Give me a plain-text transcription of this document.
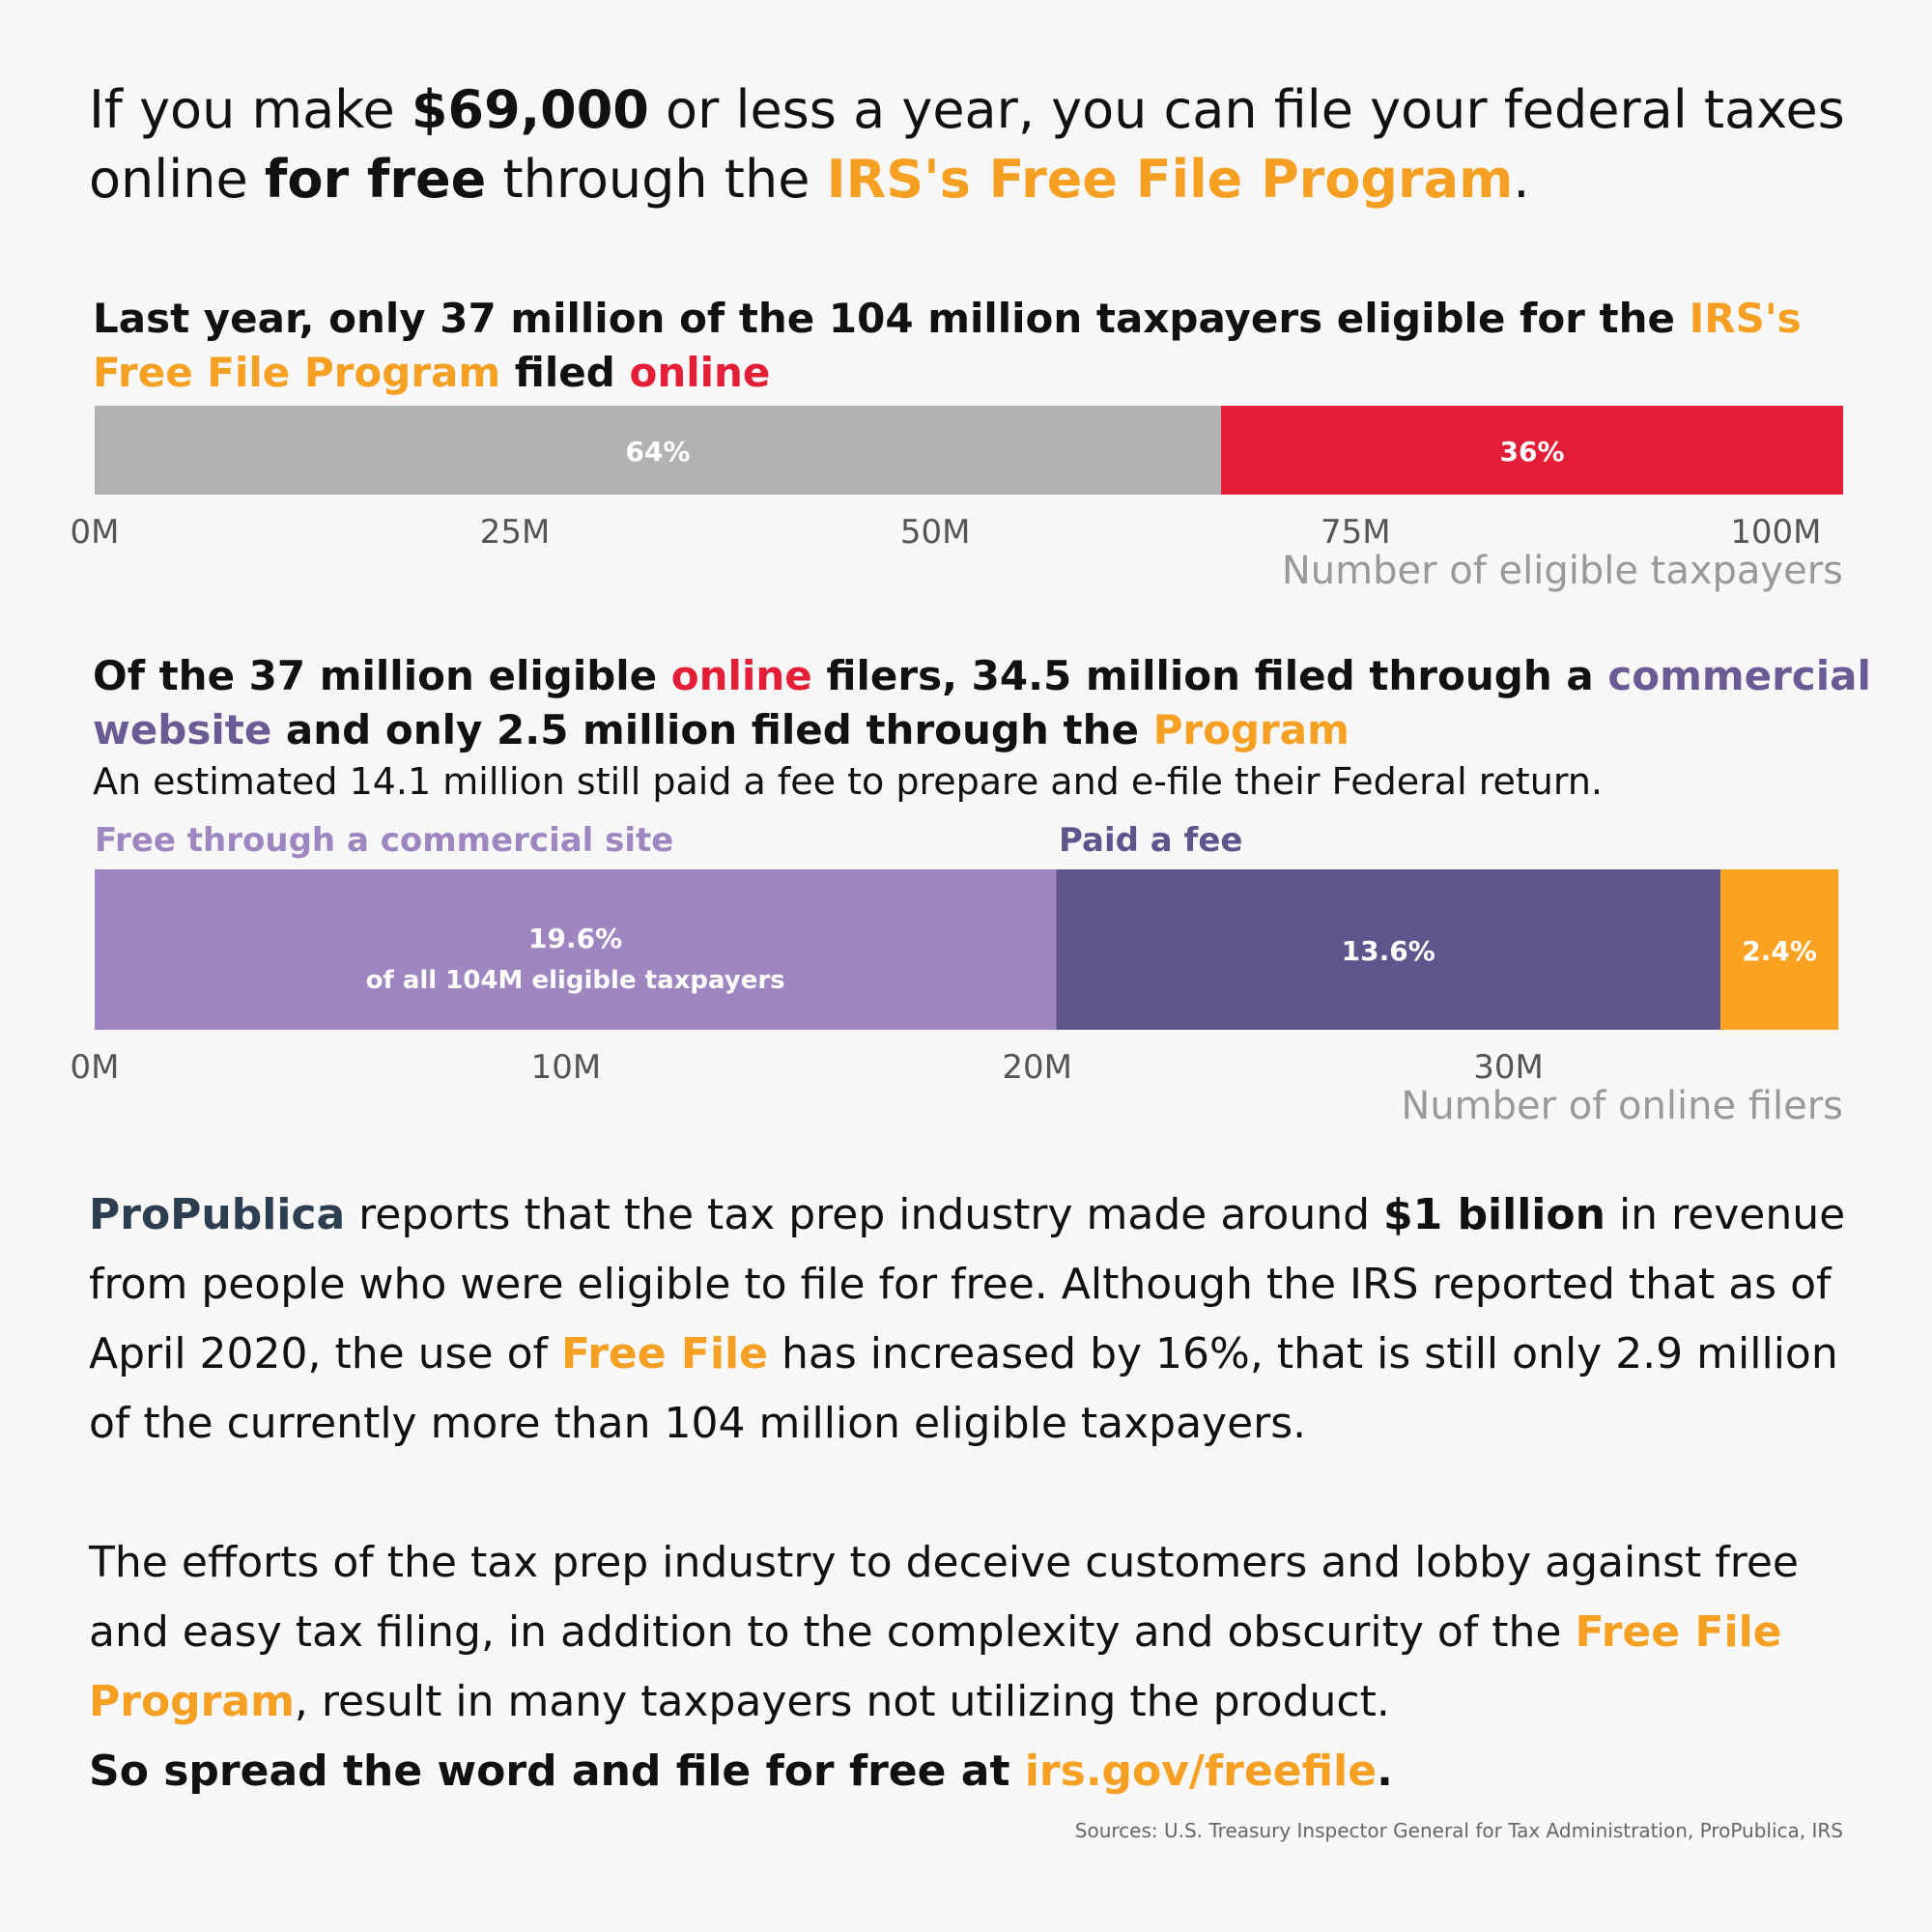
If you make $69,000 or less a year, you can file your federal taxes online for free through the IRS's Free File Program.
Last year, only 37 million of the 104 million taxpayers eligible for the IRS's Free File Program filed online
64%	36%
0M	25M	50M	75M	100M
Number of eligible taxpayers
Of the 37 million eligible online filers, 34.5 million filed through a commercial website and only 2.5 million filed through the Program
An estimated 14.1 million still paid a fee to prepare and e-file their Federal return.
Free through a commercial site	Paid a fee
19.6%
of all 104M eligible taxpayers
13.6%	2.4%
0M	10M	20M	30M
Number of online filers
ProPublica reports that the tax prep industry made around $1 billion in revenue from people who were eligible to file for free. Although the IRS reported that as of April 2020, the use of Free File has increased by 16%, that is still only 2.9 million of the currently more than 104 million eligible taxpayers.
The efforts of the tax prep industry to deceive customers and lobby against free and easy tax filing, in addition to the complexity and obscurity of the Free File Program, result in many taxpayers not utilizing the product.
So spread the word and file for free at irs.gov/freefile.
Sources: U.S. Treasury Inspector General for Tax Administration, ProPublica, IRS
